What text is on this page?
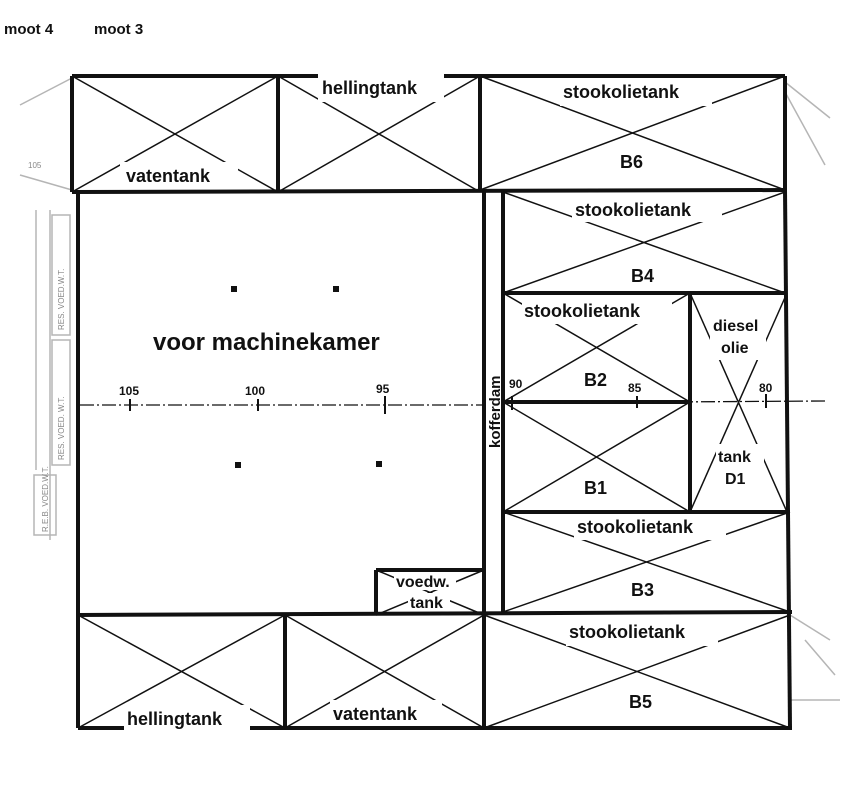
moot 4	moot 3
105
RES. VOED.W.T.
RES. VOED. W.T.
R.E.B. VOED.W.T.
vatentank
hellingtank	stookolietank
B6
kofferdam
stookolietank
B4
stookolietank
B2
B1
diesel
olie
tank
D1
stookolietank
B3
voedw.
tank
hellingtank	vatentank
stookolietank
B5
voor machinekamer
105	100	95	90	85	80
